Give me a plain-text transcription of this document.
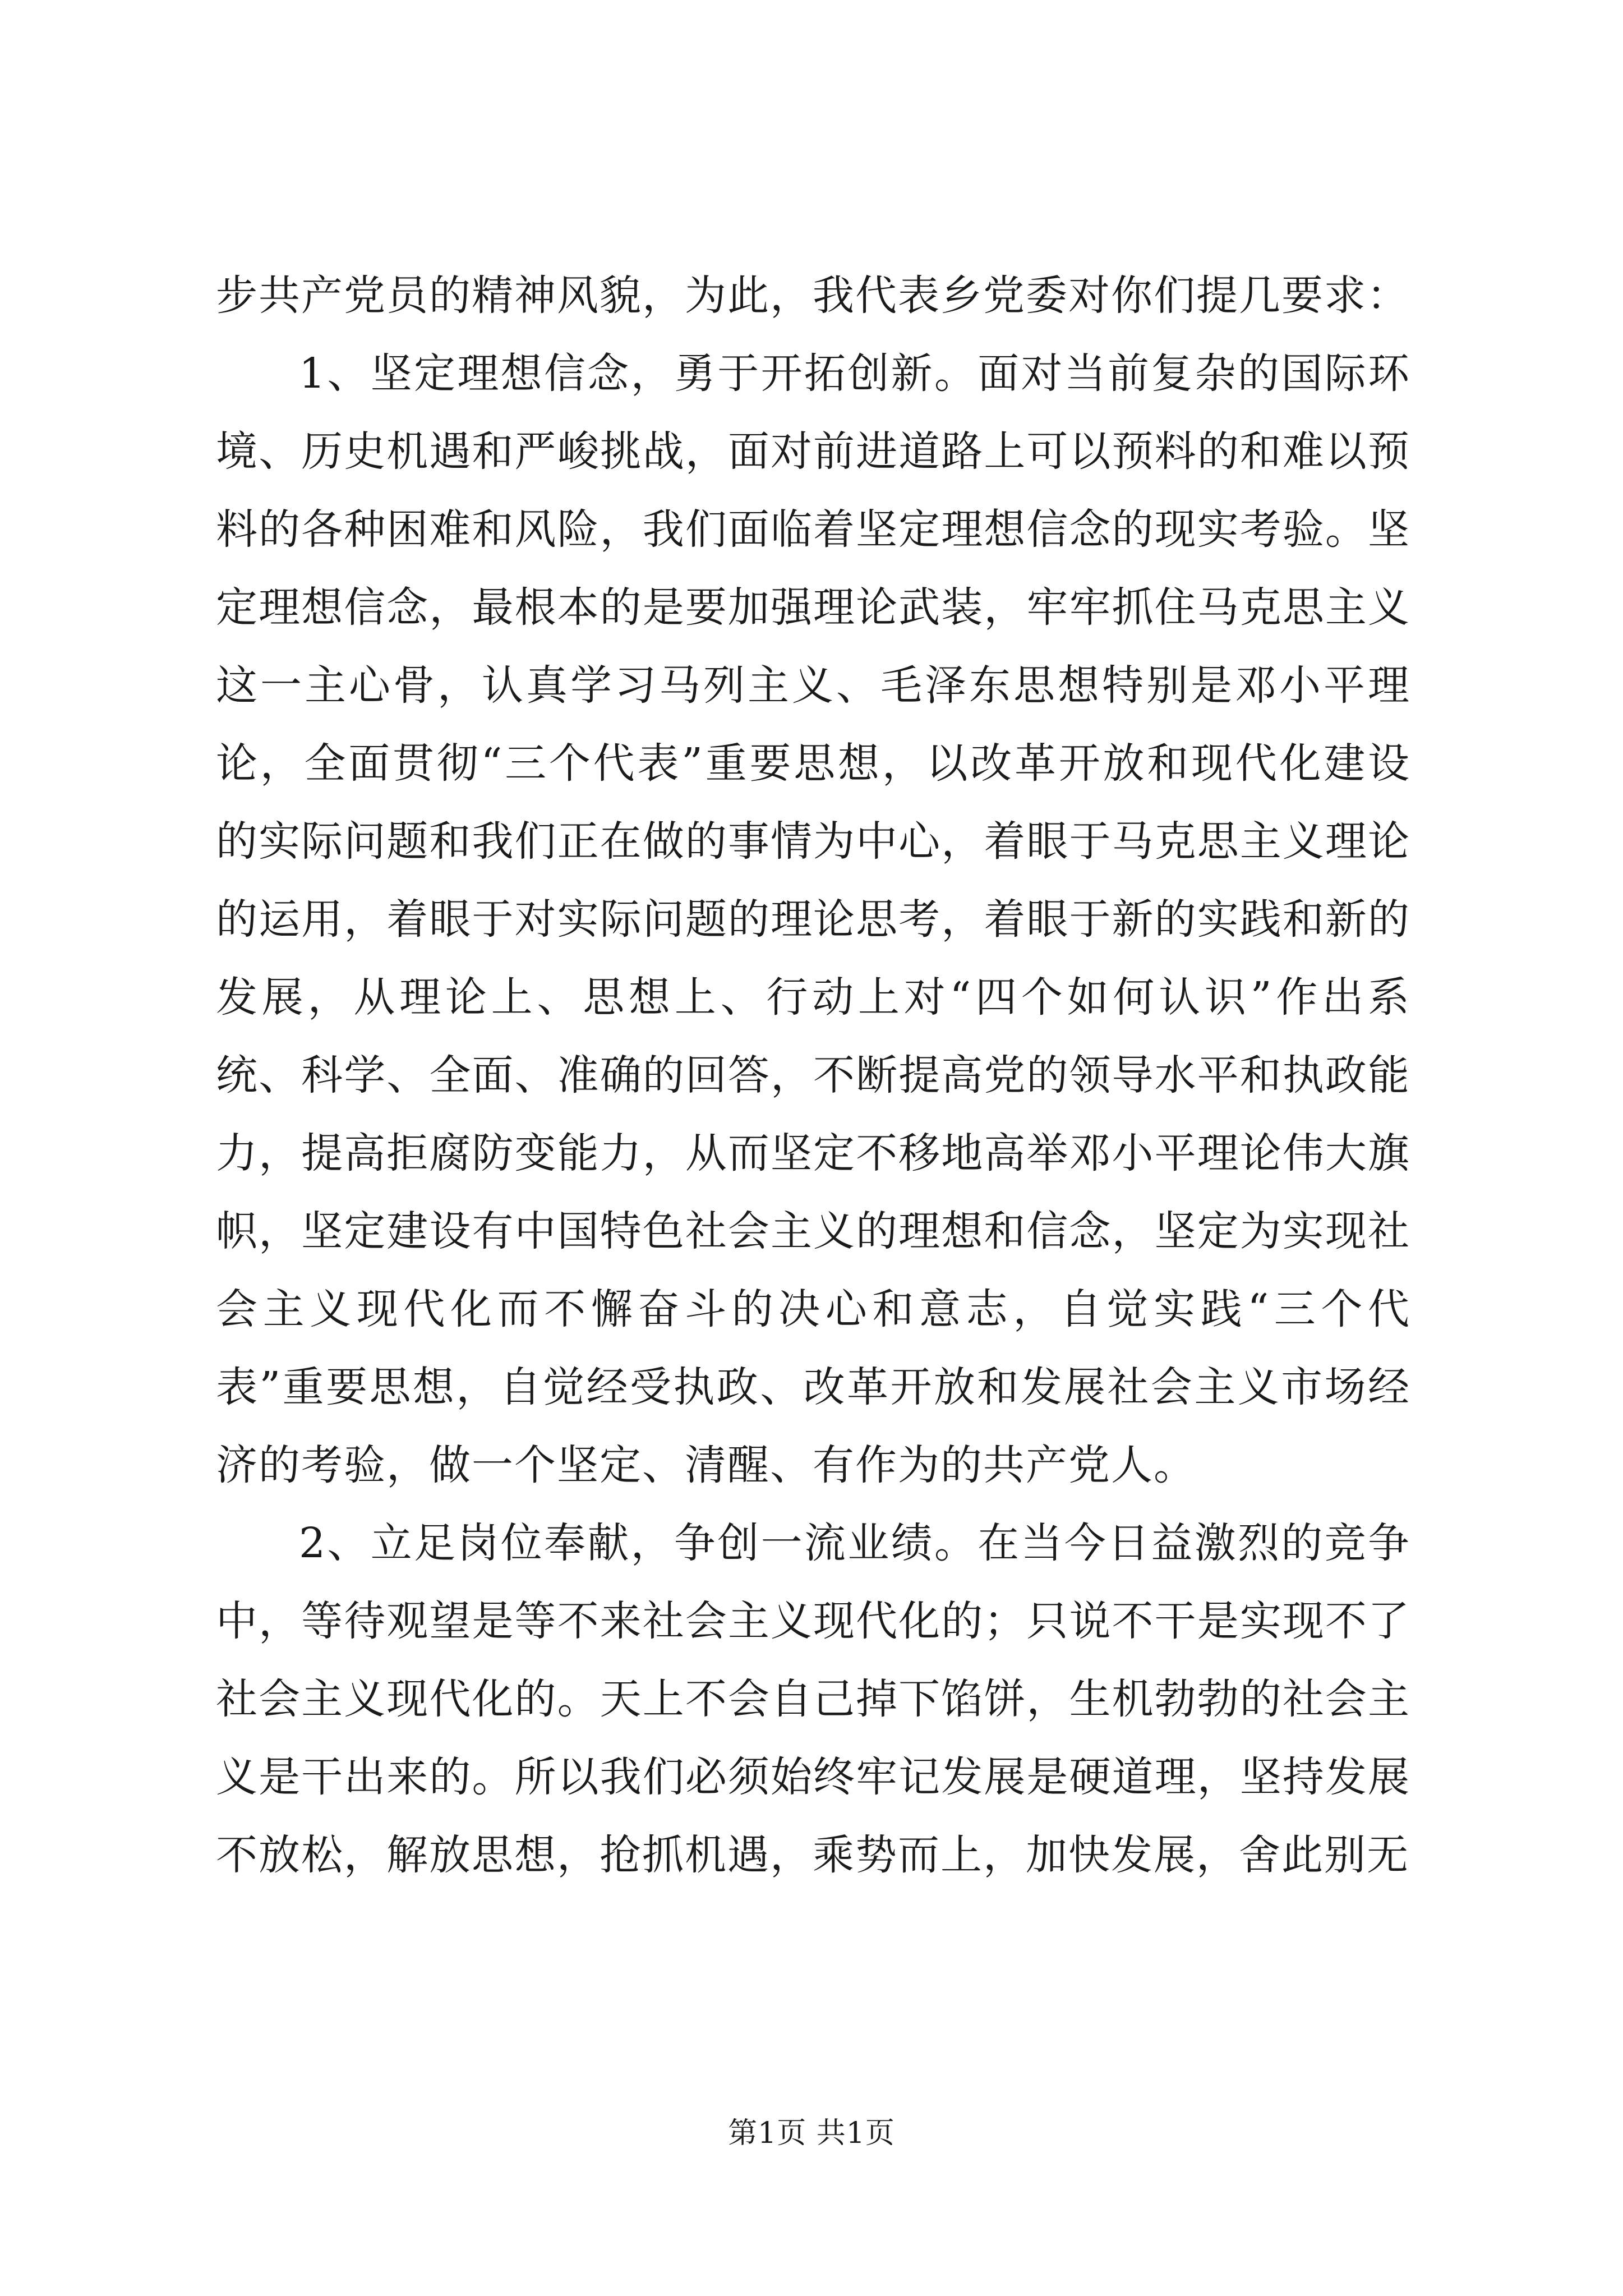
步共产党员的精神风貌，为此，我代表乡党委对你们提几要求：

1、坚定理想信念，勇于开拓创新。面对当前复杂的国际环境、历史机遇和严峻挑战，面对前进道路上可以预料的和难以预料的各种困难和风险，我们面临着坚定理想信念的现实考验。坚定理想信念，最根本的是要加强理论武装，牢牢抓住马克思主义这一主心骨，认真学习马列主义、毛泽东思想特别是邓小平理论，全面贯彻“三个代表”重要思想，以改革开放和现代化建设的实际问题和我们正在做的事情为中心，着眼于马克思主义理论的运用，着眼于对实际问题的理论思考，着眼于新的实践和新的发展，从理论上、思想上、行动上对“四个如何认识”作出系统、科学、全面、准确的回答，不断提高党的领导水平和执政能力，提高拒腐防变能力，从而坚定不移地高举邓小平理论伟大旗帜，坚定建设有中国特色社会主义的理想和信念，坚定为实现社会主义现代化而不懈奋斗的决心和意志，自觉实践“三个代表”重要思想，自觉经受执政、改革开放和发展社会主义市场经济的考验，做一个坚定、清醒、有作为的共产党人。

2、立足岗位奉献，争创一流业绩。在当今日益激烈的竞争中，等待观望是等不来社会主义现代化的；只说不干是实现不了社会主义现代化的。天上不会自己掉下馅饼，生机勃勃的社会主义是干出来的。所以我们必须始终牢记发展是硬道理，坚持发展不放松，解放思想，抢抓机遇，乘势而上，加快发展，舍此别无

第1页 共1页
